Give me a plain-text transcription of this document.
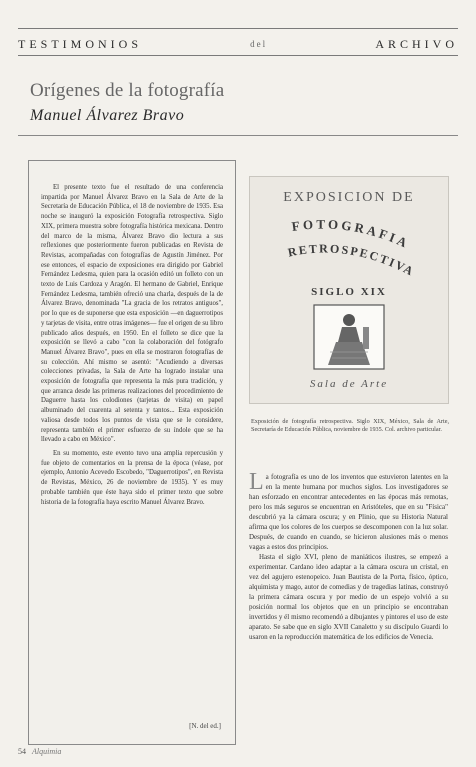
TESTIMONIOS	del	ARCHIVO
Orígenes de la fotografía
Manuel Álvarez Bravo

El presente texto fue el resultado de una conferencia impartida por Manuel Álvarez Bravo en la Sala de Arte de la Secretaría de Educación Pública, el 18 de noviembre de 1935. Esa noche se inauguró la exposición Fotografía retrospectiva. Siglo XIX, primera muestra sobre fotografía histórica mexicana. Dentro del marco de la misma, Álvarez Bravo dio lectura a sus reflexiones que posteriormente fueron publicadas en Revista de Revistas, acompañadas con fotografías de Agustín Jiménez. Por ese entonces, el espacio de exposiciones era dirigido por Gabriel Fernández Ledesma, quien para la ocasión editó un folleto con un texto de Luis Cardoza y Aragón. El hermano de Gabriel, Enrique Fernández Ledesma, también ofreció una charla, después de la de Álvarez Bravo, denominada "La gracia de los retratos antiguos", por lo que es de suponerse que esta exposición —en daguerrotipos y tarjetas de visita, entre otras imágenes— fue el origen de su libro publicado años después, en 1950. En el folleto se dice que la exposición se llevó a cabo "con la colaboración del fotógrafo Manuel Álvarez Bravo", pues en ella se mostraron fotografías de su colección. Ahí mismo se asentó: "Acudiendo a diversas colecciones privadas, la Sala de Arte ha logrado instalar una exposición de fotografía que representa la más pura tradición, y que arranca desde las primeras realizaciones del procedimiento de Daguerre hasta los colodiones (tarjetas de visita) en papel albuminado del cuarenta al setenta y tantos... Esta exposición valiosa desde todos los puntos de vista que se le considere, representa también el primer esfuerzo de su índole que se ha llevado a cabo en México".

En su momento, este evento tuvo una amplia repercusión y fue objeto de comentarios en la prensa de la época (véase, por ejemplo, Antonio Acevedo Escobedo, "Daguerrotipos", en Revista de Revistas, México, 26 de noviembre de 1935). Y es muy probable también que éste haya sido el primer texto que sobre historia de la fotografía haya escrito Manuel Álvarez Bravo.

[N. del ed.]
EXPOSICION DE
FOTOGRAFIA
RETROSPECTIVA
SIGLO XIX
Sala de Arte
Exposición de fotografía retrospectiva. Siglo XIX, México, Sala de Arte, Secretaría de Educación Pública, noviembre de 1935. Col. archivo particular.

La fotografía es uno de los inventos que estuvieron latentes en la en la mente humana por muchos siglos. Los investigadores se han esforzado en encontrar antecedentes en las épocas más remotas, pero los más seguros se encuentran en Aristóteles, que en su "Física" descubrió ya la cámara oscura; y en Plinio, que su Historia Natural afirma que los colores de los cuerpos se descomponen con la luz solar. Después, de cuando en cuando, se hicieron alusiones más o menos vagas a estos dos principios.

Hasta el siglo XVI, pleno de maniáticos ilustres, se empezó a experimentar. Cardano ideo adaptar a la cámara oscura un cristal, en vez del agujero estenopeico. Juan Bautista de la Porta, físico, óptico, alquimista y mago, autor de comedias y de tragedias latinas, construyó la primera cámara oscura y por medio de un espejo volvió a su posición normal los objetos que en un principio se encontraban invertidos y él mismo recomendó a dibujantes y pintores el uso de este aparato. Se sabe que en siglo XVII Canaletto y su discípulo Guardi lo usaron en la reproducción matemática de los edificios de Venecia.

54 Alquimia
